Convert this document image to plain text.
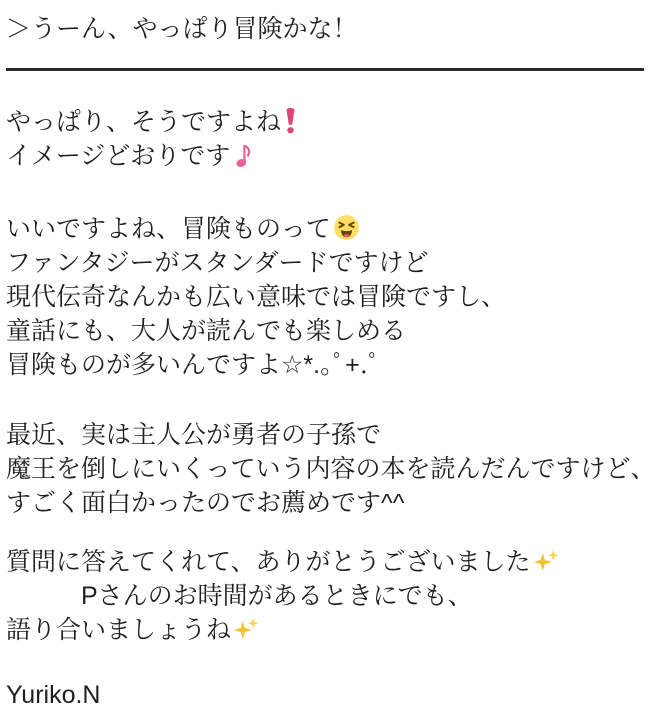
＞うーん、やっぱり冒険かな！

やっぱり、そうですよね

イメージどおりです

いいですよね、冒険ものって

ファンタジーがスタンダードですけど

現代伝奇なんかも広い意味では冒険ですし、

童話にも、大人が読んでも楽しめる

冒険ものが多いんですよ☆*.｡ﾟ+.ﾟ

最近、実は主人公が勇者の子孫で

魔王を倒しにいくっていう内容の本を読んだんですけど、

すごく面白かったのでお薦めです^^

質問に答えてくれて、ありがとうございました

　　　Pさんのお時間があるときにでも、

語り合いましょうね

Yuriko.N
